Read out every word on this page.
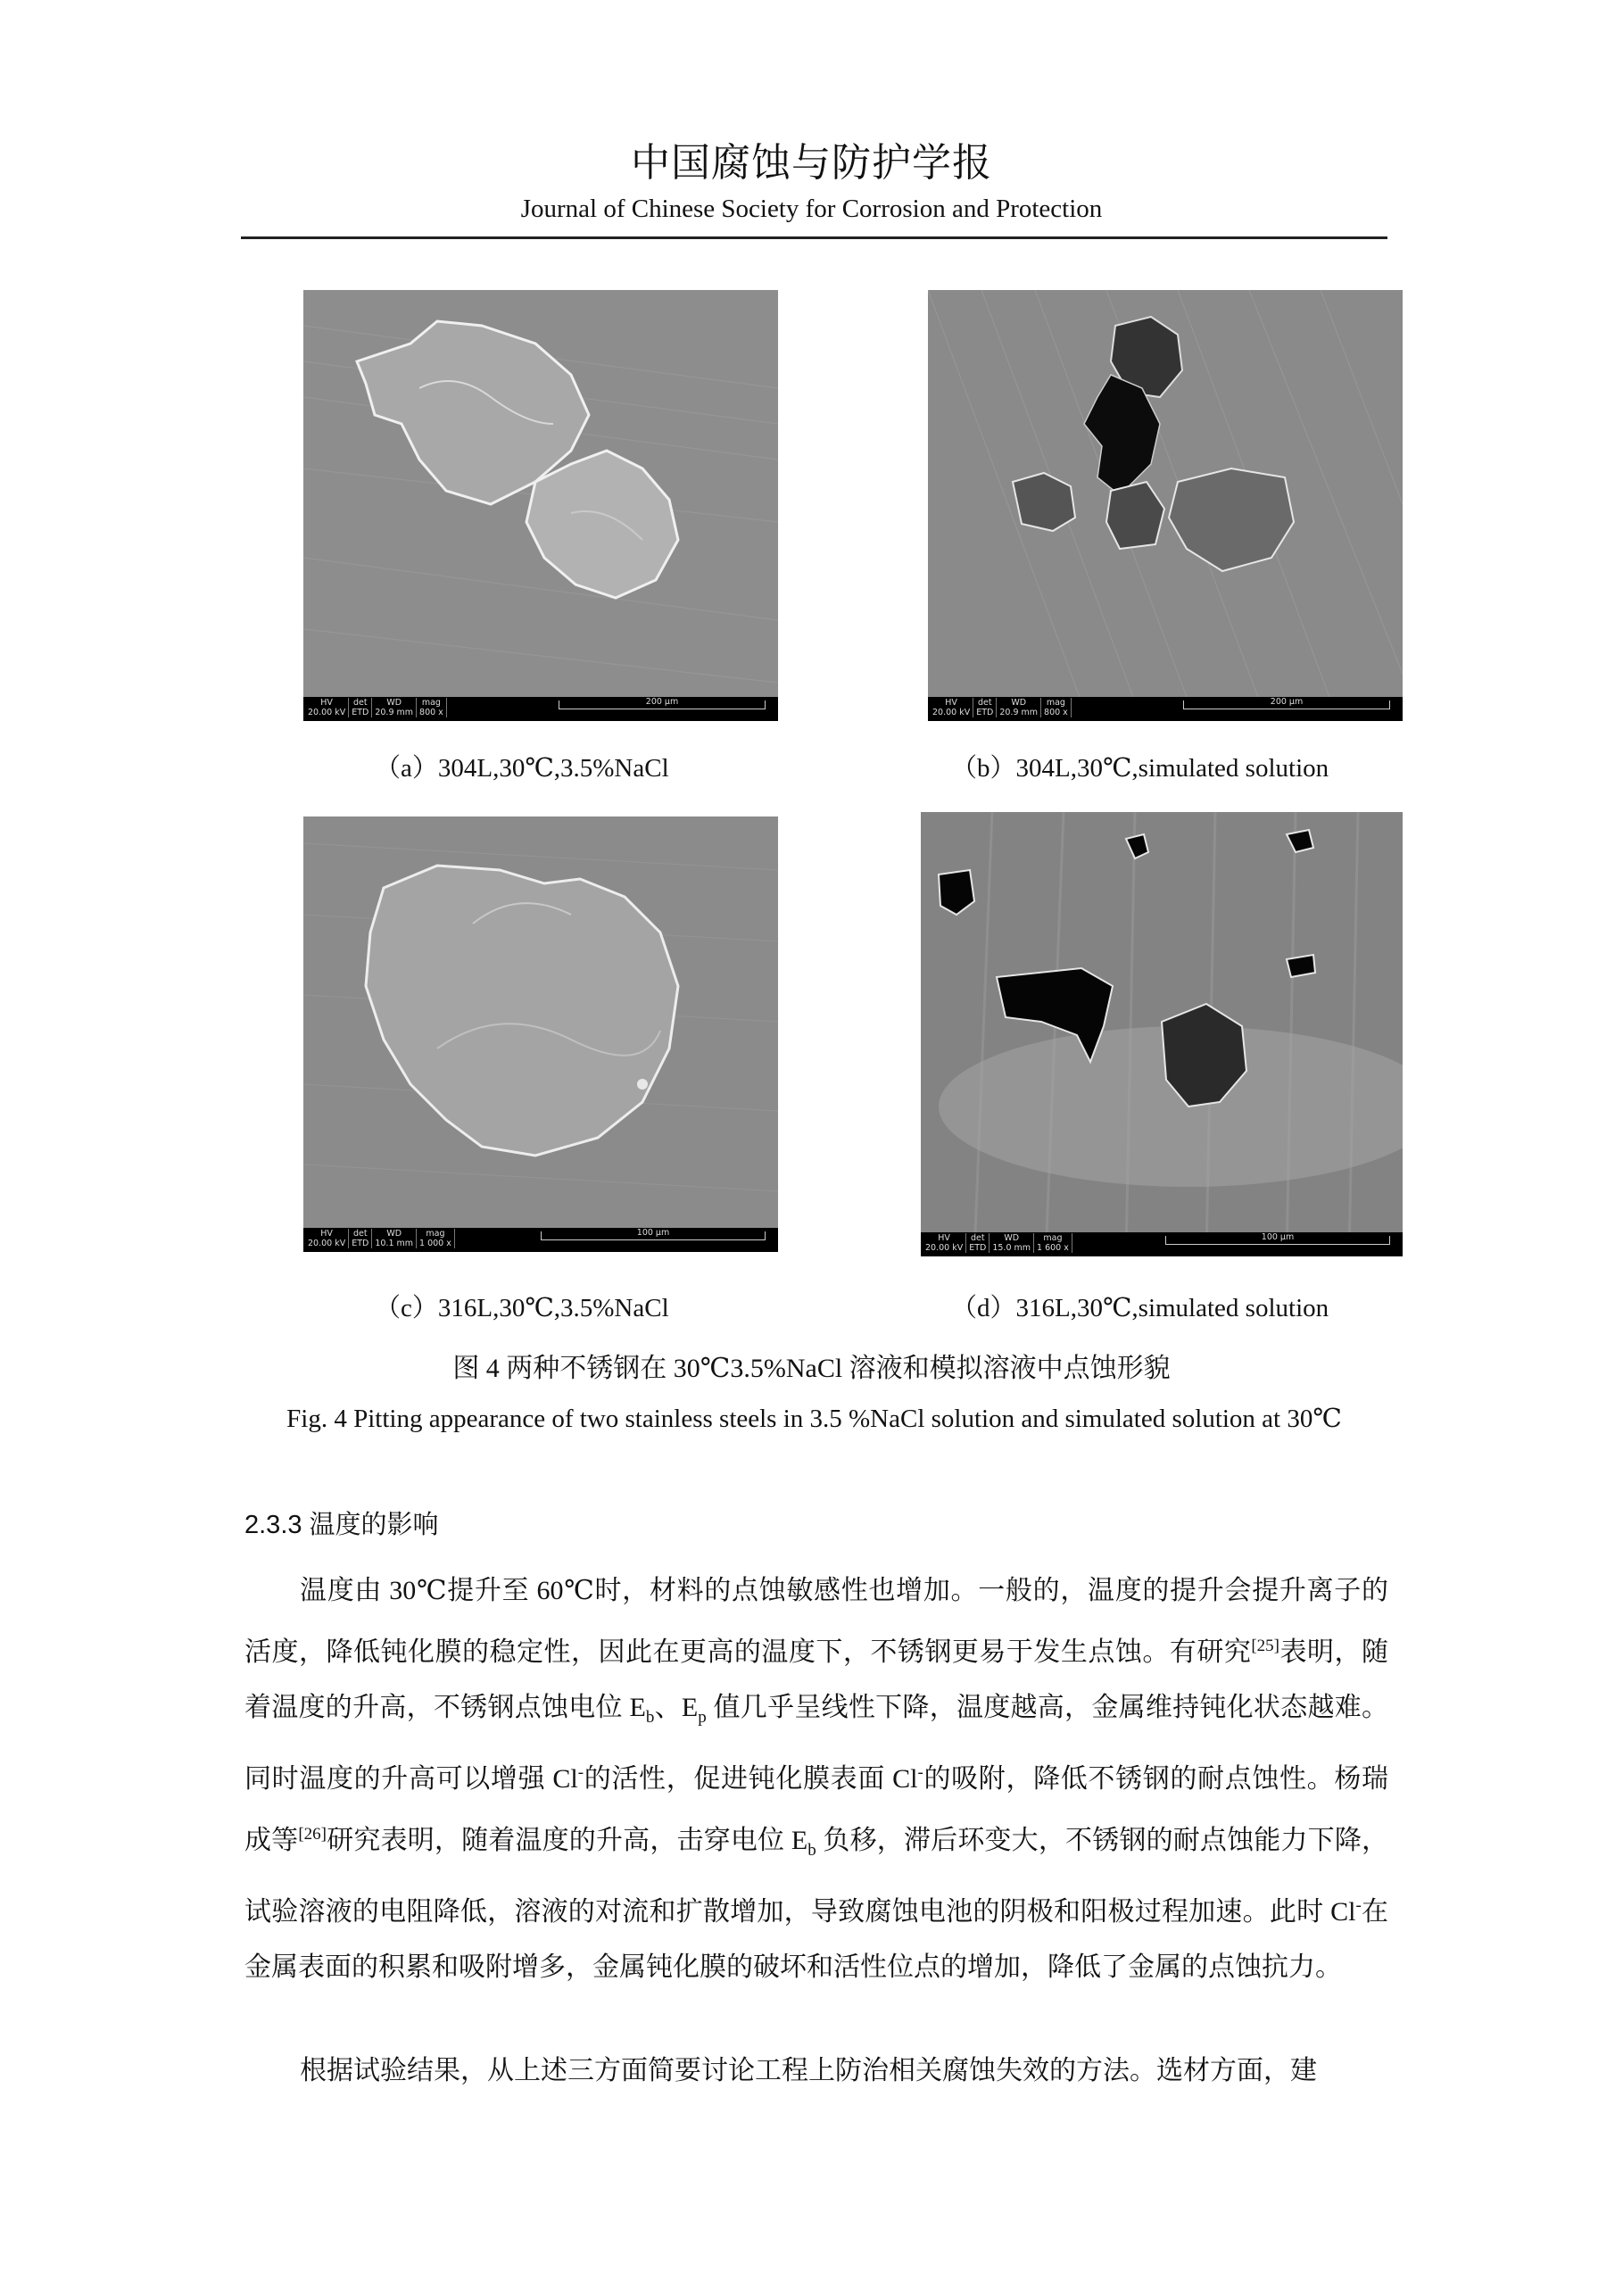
中国腐蚀与防护学报
Journal of Chinese Society for Corrosion and Protection
HV	det	WD	mag
20.00 kV	ETD	20.9 mm	800 x
200 μm	HV	det	WD	mag
20.00 kV	ETD	20.9 mm	800 x
200 μm
（a）304L,30℃,3.5%NaCl	（b）304L,30℃,simulated solution
HV	det	WD	mag
20.00 kV	ETD	10.1 mm	1 000 x
100 μm
HV	det	WD	mag
20.00 kV	ETD	15.0 mm	1 600 x
100 μm
（c）316L,30℃,3.5%NaCl	（d）316L,30℃,simulated solution
图 4 两种不锈钢在 30℃3.5%NaCl 溶液和模拟溶液中点蚀形貌
Fig. 4 Pitting appearance of two stainless steels in 3.5 %NaCl solution and simulated solution at 30℃
2.3.3 温度的影响
温度由 30℃提升至 60℃时，材料的点蚀敏感性也增加。一般的，温度的提升会提升离子的活度，降低钝化膜的稳定性，因此在更高的温度下，不锈钢更易于发生点蚀。有研究[25]表明，随着温度的升高，不锈钢点蚀电位 $E_b$、$E_p$ 值几乎呈线性下降，温度越高，金属维持钝化状态越难。同时温度的升高可以增强 Cl-的活性，促进钝化膜表面 Cl-的吸附，降低不锈钢的耐点蚀性。杨瑞成等[26]研究表明，随着温度的升高，击穿电位 $E_b$ 负移，滞后环变大，不锈钢的耐点蚀能力下降，试验溶液的电阻降低，溶液的对流和扩散增加，导致腐蚀电池的阴极和阳极过程加速。此时 Cl-在金属表面的积累和吸附增多，金属钝化膜的破坏和活性位点的增加，降低了金属的点蚀抗力。
根据试验结果，从上述三方面简要讨论工程上防治相关腐蚀失效的方法。选材方面，建
